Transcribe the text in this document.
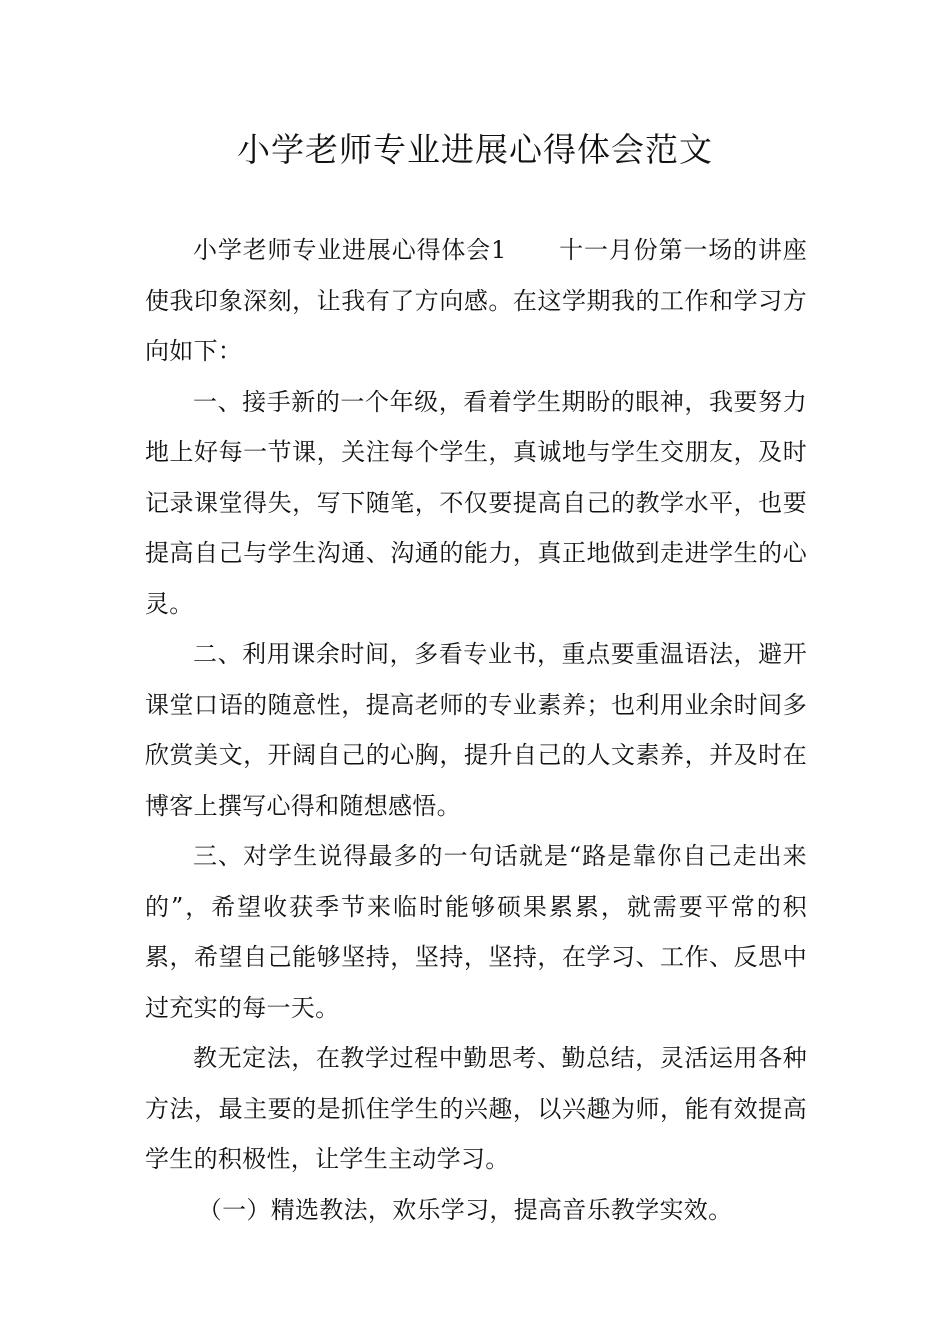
小学老师专业进展心得体会范文

小学老师专业进展心得体会1 十一月份第一场的讲座使我印象深刻，让我有了方向感。在这学期我的工作和学习方向如下：

一、接手新的一个年级，看着学生期盼的眼神，我要努力地上好每一节课，关注每个学生，真诚地与学生交朋友，及时记录课堂得失，写下随笔，不仅要提高自己的教学水平，也要提高自己与学生沟通、沟通的能力，真正地做到走进学生的心灵。

二、利用课余时间，多看专业书，重点要重温语法，避开课堂口语的随意性，提高老师的专业素养；也利用业余时间多欣赏美文，开阔自己的心胸，提升自己的人文素养，并及时在博客上撰写心得和随想感悟。

三、对学生说得最多的一句话就是“路是靠你自己走出来的”，希望收获季节来临时能够硕果累累，就需要平常的积累，希望自己能够坚持，坚持，坚持，在学习、工作、反思中过充实的每一天。

教无定法，在教学过程中勤思考、勤总结，灵活运用各种方法，最主要的是抓住学生的兴趣，以兴趣为师，能有效提高学生的积极性，让学生主动学习。

（一）精选教法，欢乐学习，提高音乐教学实效。
